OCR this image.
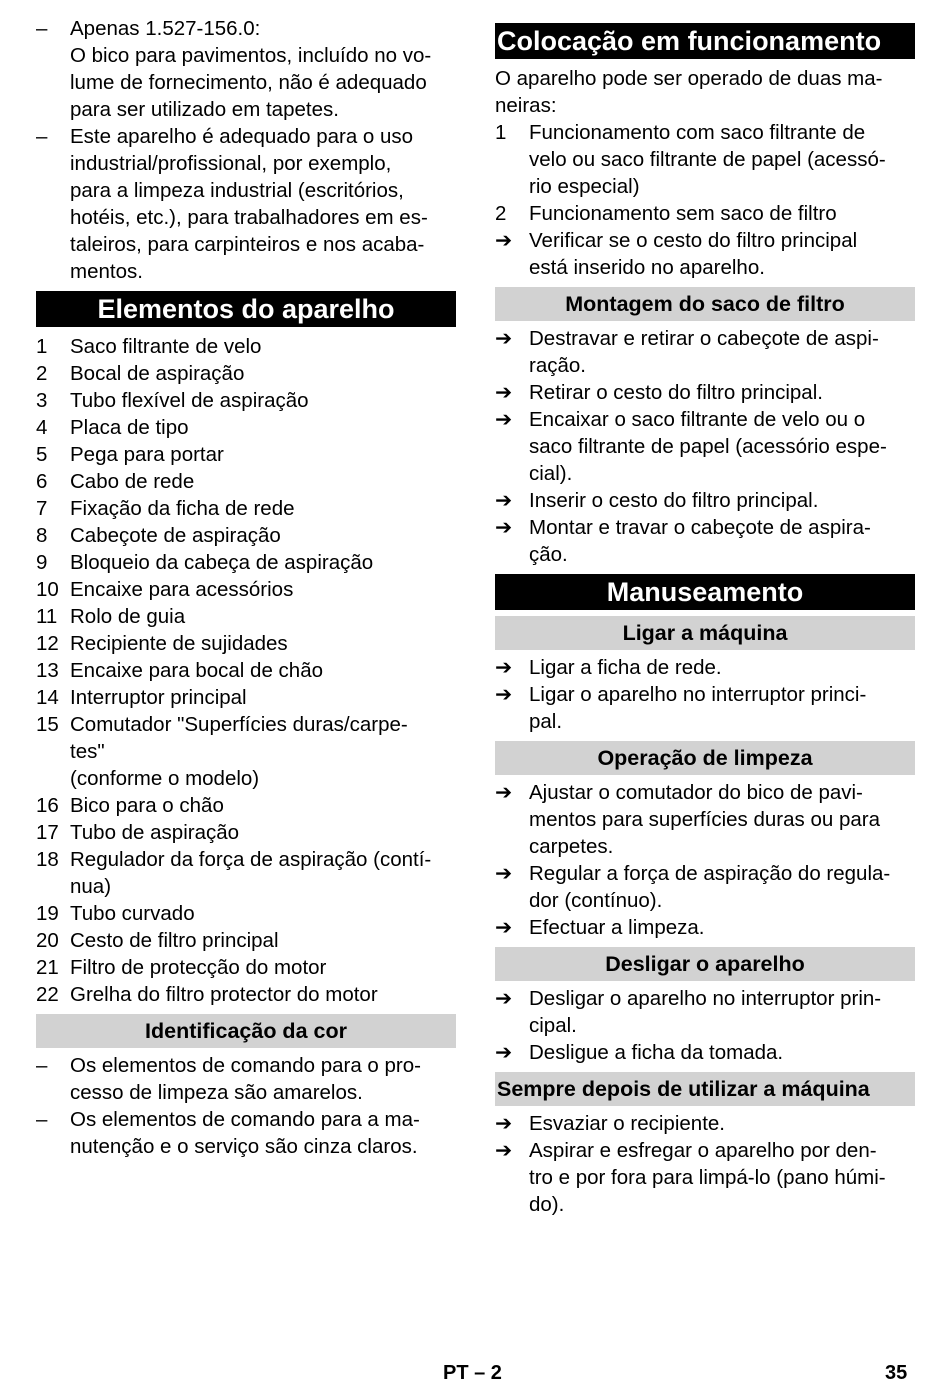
–	Apenas 1.527-156.0:
O bico para pavimentos, incluído no vo-
lume de fornecimento, não é adequado
para ser utilizado em tapetes.
–	Este aparelho é adequado para o uso
industrial/profissional, por exemplo,
para a limpeza industrial (escritórios,
hotéis, etc.), para trabalhadores em es-
taleiros, para carpinteiros e nos acaba-
mentos.
Elementos do aparelho
1	Saco filtrante de velo
2	Bocal de aspiração
3	Tubo flexível de aspiração
4	Placa de tipo
5	Pega para portar
6	Cabo de rede
7	Fixação da ficha de rede
8	Cabeçote de aspiração
9	Bloqueio da cabeça de aspiração
10 Encaixe para acessórios
11 Rolo de guia
12 Recipiente de sujidades
13 Encaixe para bocal de chão
14 Interruptor principal
15 Comutador "Superfícies duras/carpe-
tes"
(conforme o modelo)
16 Bico para o chão
17 Tubo de aspiração
18 Regulador da força de aspiração (contí-
nua)
19 Tubo curvado
20 Cesto de filtro principal
21 Filtro de protecção do motor
22 Grelha do filtro protector do motor
Identificação da cor
–	Os elementos de comando para o pro-
cesso de limpeza são amarelos.
–	Os elementos de comando para a ma-
nutenção e o serviço são cinza claros.
Colocação em funcionamento
O aparelho pode ser operado de duas ma-
neiras:
1	Funcionamento com saco filtrante de
velo ou saco filtrante de papel (acessó-
rio especial)
2	Funcionamento sem saco de filtro
➔ Verificar se o cesto do filtro principal
está inserido no aparelho.
Montagem do saco de filtro
➔ Destravar e retirar o cabeçote de aspi-
ração.
➔ Retirar o cesto do filtro principal.
➔ Encaixar o saco filtrante de velo ou o
saco filtrante de papel (acessório espe-
cial).
➔ Inserir o cesto do filtro principal.
➔ Montar e travar o cabeçote de aspira-
ção.
Manuseamento
Ligar a máquina
➔ Ligar a ficha de rede.
➔ Ligar o aparelho no interruptor princi-
pal.
Operação de limpeza
➔ Ajustar o comutador do bico de pavi-
mentos para superfícies duras ou para
carpetes.
➔ Regular a força de aspiração do regula-
dor (contínuo).
➔ Efectuar a limpeza.
Desligar o aparelho
➔ Desligar o aparelho no interruptor prin-
cipal.
➔ Desligue a ficha da tomada.
Sempre depois de utilizar a máquina
➔ Esvaziar o recipiente.
➔ Aspirar e esfregar o aparelho por den-
tro e por fora para limpá-lo (pano húmi-
do).
PT – 2	35
